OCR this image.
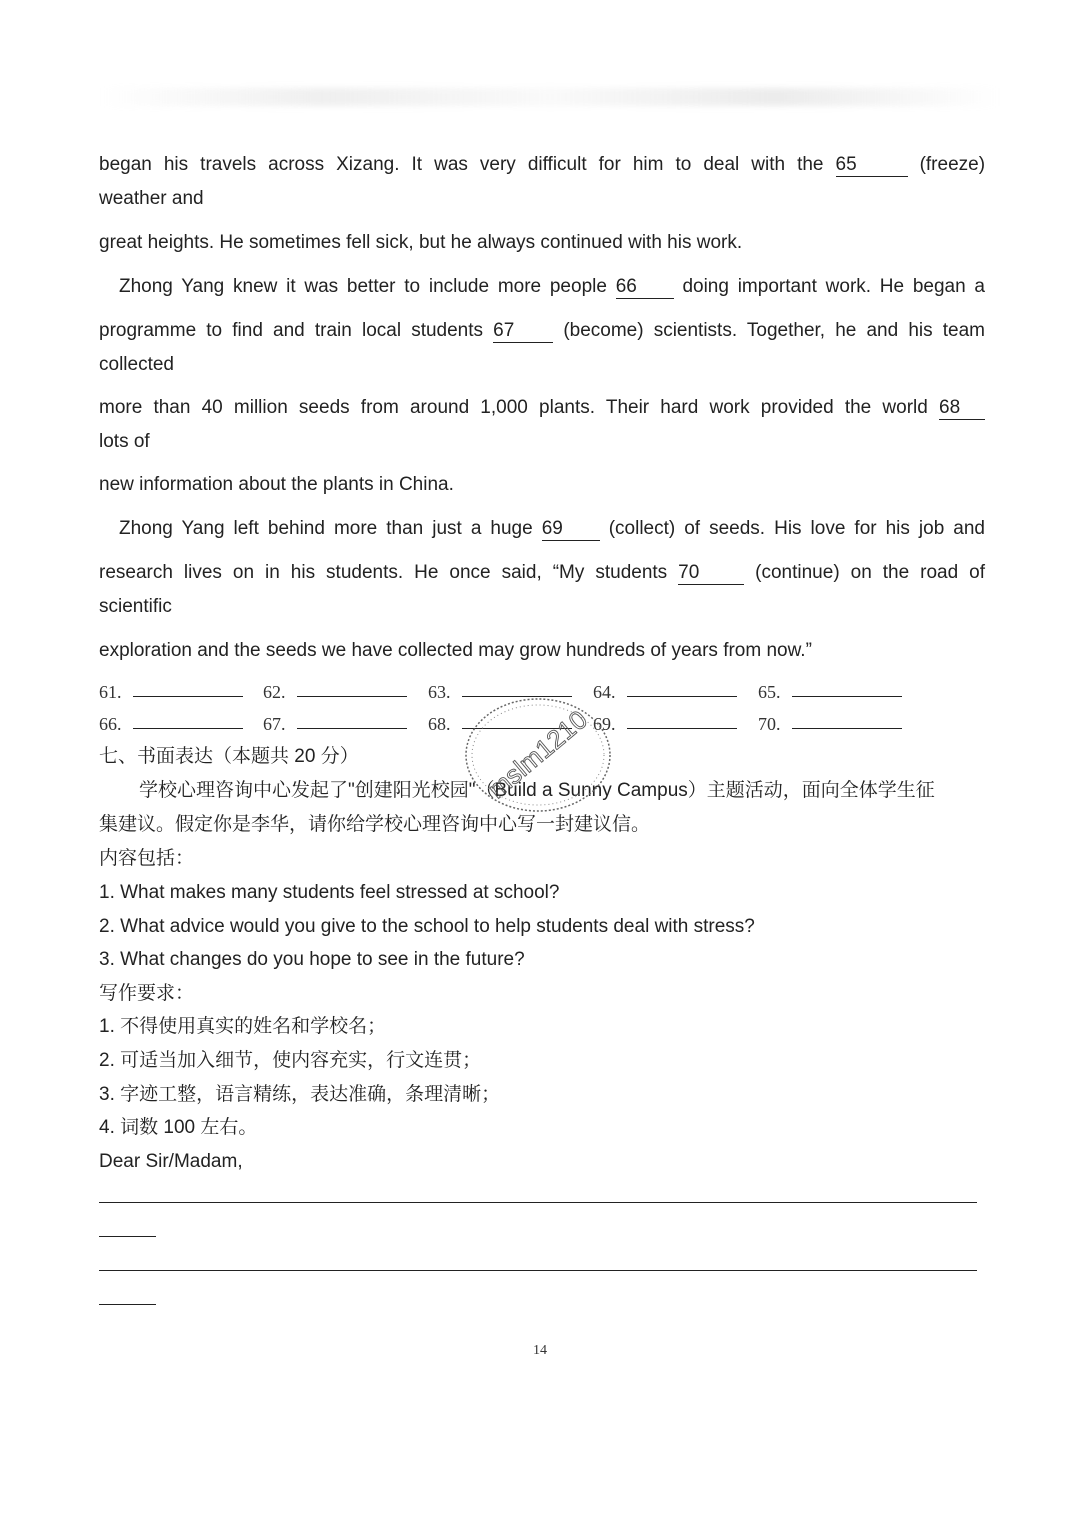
began his travels across Xizang. It was very difficult for him to deal with the 65	(freeze)

weather and

great heights. He sometimes fell sick, but he always continued with his work.

Zhong Yang knew it was better to include more people 66 doing important work. He began a

programme to find and train local students 67	(become) scientists. Together, he and his team

collected

more than 40 million seeds from around 1,000 plants. Their hard work provided the world 68

lots of

new information about the plants in China.

Zhong Yang left behind more than just a huge 69 (collect) of seeds. His love for his job and

research lives on in his students. He once said, “My students 70	(continue) on the road of

scientific

exploration and the seeds we have collected may grow hundreds of years from now.”

61.	62.	63.	64.	65.
66.	67.	68.	69.	70.

七、书面表达（本题共 20 分）

学校心理咨询中心发起了"创建阳光校园"（Build a Sunny Campus）主题活动，面向全体学生征

集建议。假定你是李华，请你给学校心理咨询中心写一封建议信。

内容包括：

1. What makes many students feel stressed at school?

2. What advice would you give to the school to help students deal with stress?

3. What changes do you hope to see in the future?

写作要求：

1. 不得使用真实的姓名和学校名；

2. 可适当加入细节，使内容充实，行文连贯；

3. 字迹工整，语言精练，表达准确，条理清晰；

4. 词数 100 左右。

Dear Sir/Madam,

14
mslm1210
